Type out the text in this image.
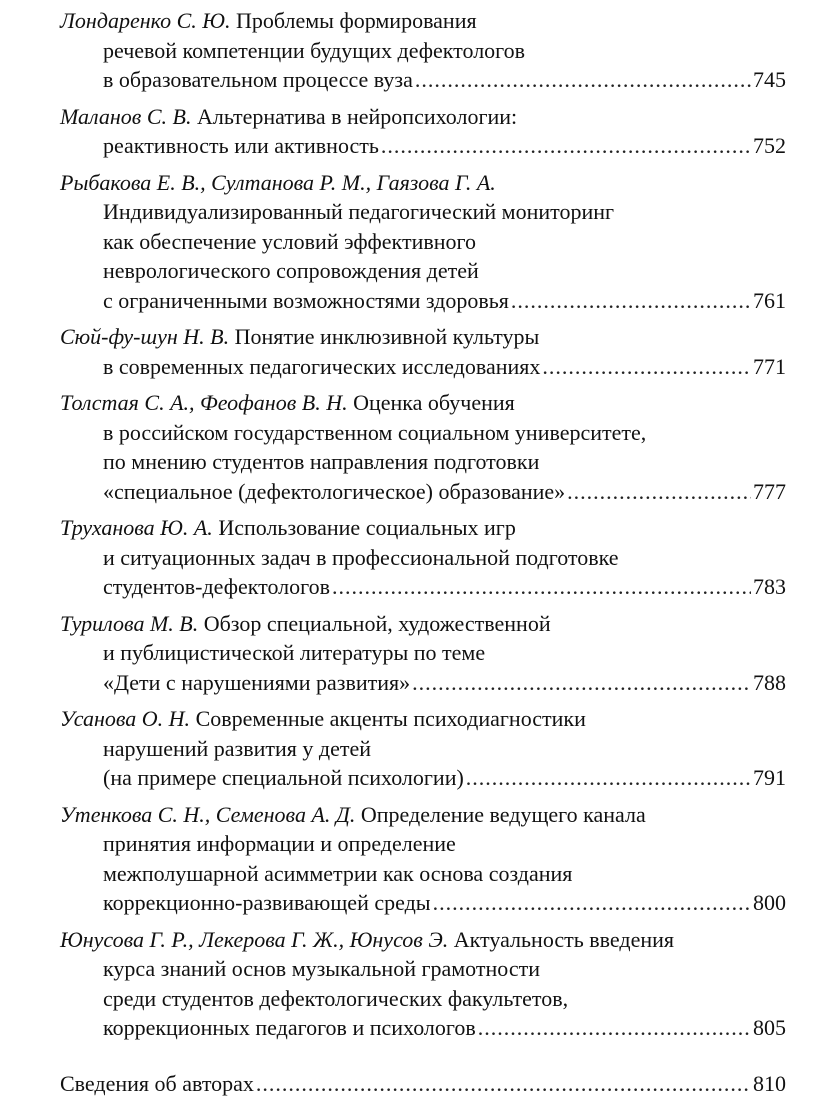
Лондаренко С. Ю.
Проблемы формирования
речевой компетенции будущих дефектологов
в образовательном процессе вуза .....	745
Маланов С. В.
Альтернатива в нейропсихологии:
реактивность или активность .....	752
Рыбакова Е. В., Султанова Р. М., Гаязова Г. А.
Индивидуализированный педагогический мониторинг
как обеспечение условий эффективного
неврологического сопровождения детей
с ограниченными возможностями здоровья .....	761
Сюй-фу-шун Н. В.
Понятие инклюзивной культуры
в современных педагогических исследованиях .....	771
Толстая С. А., Феофанов В. Н.
Оценка обучения
в российском государственном социальном университете,
по мнению студентов направления подготовки
«специальное (дефектологическое) образование» .....	777
Труханова Ю. А.
Использование социальных игр
и ситуационных задач в профессиональной подготовке
студентов-дефектологов .....	783
Турилова М. В.
Обзор специальной, художественной
и публицистической литературы по теме
«Дети с нарушениями развития» .....	788
Усанова О. Н.
Современные акценты психодиагностики
нарушений развития у детей
(на примере специальной психологии) .....	791
Утенкова С. Н., Семенова А. Д.
Определение ведущего канала
принятия информации и определение
межполушарной асимметрии как основа создания
коррекционно-развивающей среды .....	800
Юнусова Г. Р., Лекерова Г. Ж., Юнусов Э.
Актуальность введения
курса знаний основ музыкальной грамотности
среди студентов дефектологических факультетов,
коррекционных педагогов и психологов .....	805
Сведения об авторах .....	810
